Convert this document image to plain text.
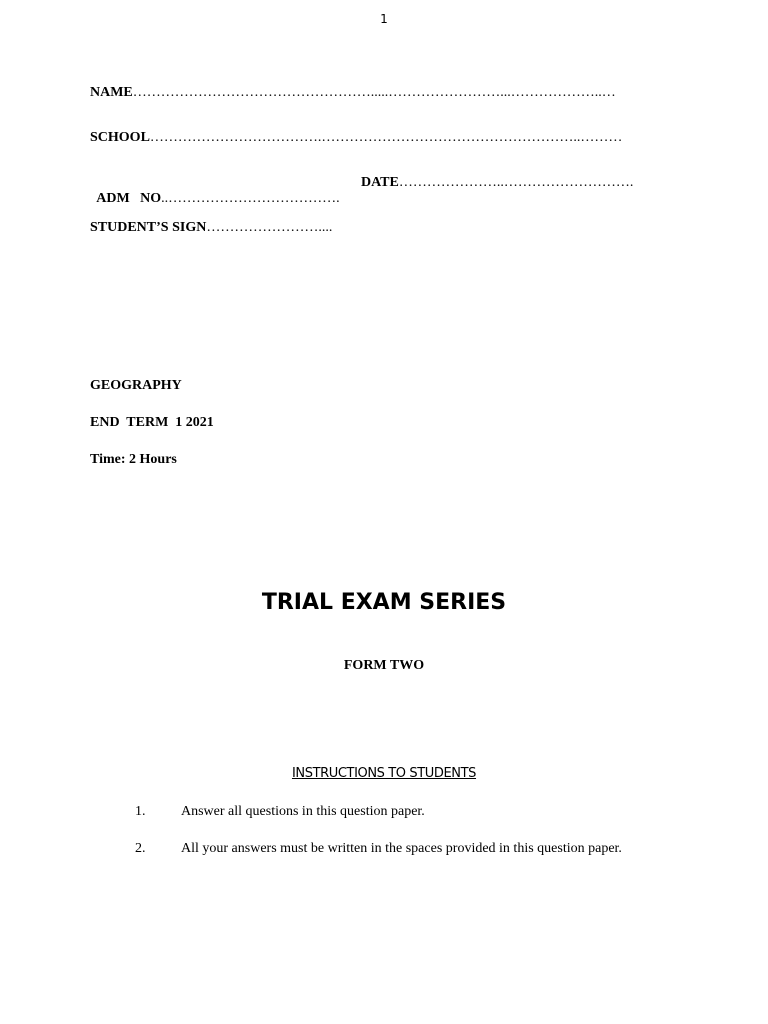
1
NAME…………………………………………….....……………………...………………..…
SCHOOL……………………………….………………………………………………..………

ADM   NO..……………………………….

DATE…………………..……………………….
STUDENT’S SIGN……………………....
GEOGRAPHY
END  TERM  1 2021
Time: 2 Hours
TRIAL EXAM SERIES
FORM TWO
INSTRUCTIONS TO STUDENTS
1.	Answer all questions in this question paper.
2.	All your answers must be written in the spaces provided in this question paper.
